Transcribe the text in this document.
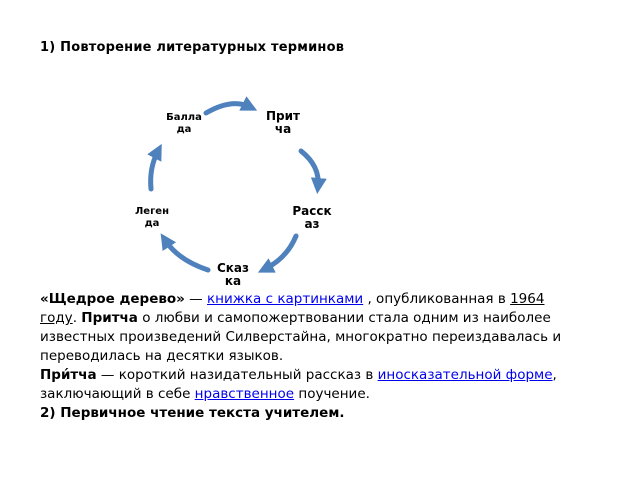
1) Повторение литературных терминов
Балла
да
Прит
ча
Расск
аз
Леген
да
Сказ
ка

«Щедрое дерево» — книжка с картинками , опубликованная в 1964 году. Притча о любви и самопожертвовании стала одним из наиболее известных произведений Силверстайна, многократно переиздавалась и переводилась на десятки языков.

При́тча — короткий назидательный рассказ в иносказательной форме, заключающий в себе нравственное поучение.

2) Первичное чтение текста учителем.
